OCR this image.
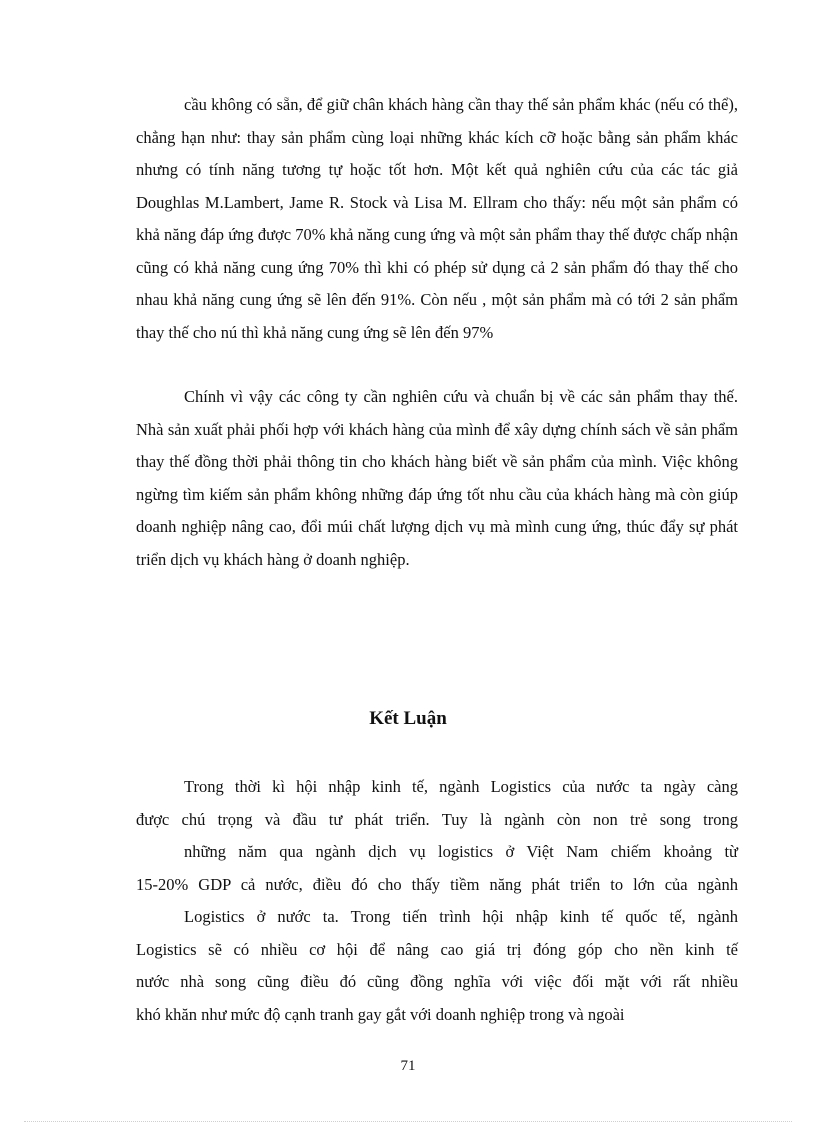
cầu không có sẵn, để giữ chân khách hàng cần thay thế sản phẩm khác (nếu có thể), chẳng hạn như: thay sản phẩm cùng loại những khác kích cỡ hoặc bằng sản phẩm khác nhưng có tính năng tương tự hoặc tốt hơn. Một kết quả nghiên cứu của các tác giả Doughlas M.Lambert, Jame R. Stock và Lisa M. Ellram cho thấy: nếu một sản phẩm có khả năng đáp ứng được 70% khả năng cung ứng và một sản phẩm thay thế được chấp nhận cũng có khả năng cung ứng 70% thì khi có phép sử dụng cả 2 sản phẩm đó thay thế cho nhau khả năng cung ứng sẽ lên đến 91%. Còn nếu , một sản phẩm mà có tới 2 sản phẩm thay thế cho nú thì khả năng cung ứng sẽ lên đến 97%

Chính vì vậy các công ty cần nghiên cứu và chuẩn bị về các sản phẩm thay thế. Nhà sản xuất phải phối hợp với khách hàng của mình để xây dựng chính sách về sản phẩm thay thế đồng thời phải thông tin cho khách hàng biết về sản phẩm của mình. Việc không ngừng tìm kiếm sản phẩm không những đáp ứng tốt nhu cầu của khách hàng mà còn giúp doanh nghiệp nâng cao, đổi múi chất lượng dịch vụ mà mình cung ứng, thúc đẩy sự phát triển dịch vụ khách hàng ở doanh nghiệp.

Kết Luận
Trong thời kì hội nhập kinh tế, ngành Logistics của nước ta ngày càng
được chú trọng và đầu tư phát triển. Tuy là ngành còn non trẻ song trong
những năm qua ngành dịch vụ logistics ở Việt Nam chiếm khoảng từ
15-20% GDP cả nước, điều đó cho thấy tiềm năng phát triển to lớn của ngành
Logistics ở nước ta. Trong tiến trình hội nhập kinh tế quốc tế, ngành
Logistics sẽ có nhiều cơ hội để nâng cao giá trị đóng góp cho nền kinh tế
nước nhà song cũng điều đó cũng đồng nghĩa với việc đối mặt với rất nhiều
khó khăn như mức độ cạnh tranh gay gắt với doanh nghiệp trong và ngoài
71
